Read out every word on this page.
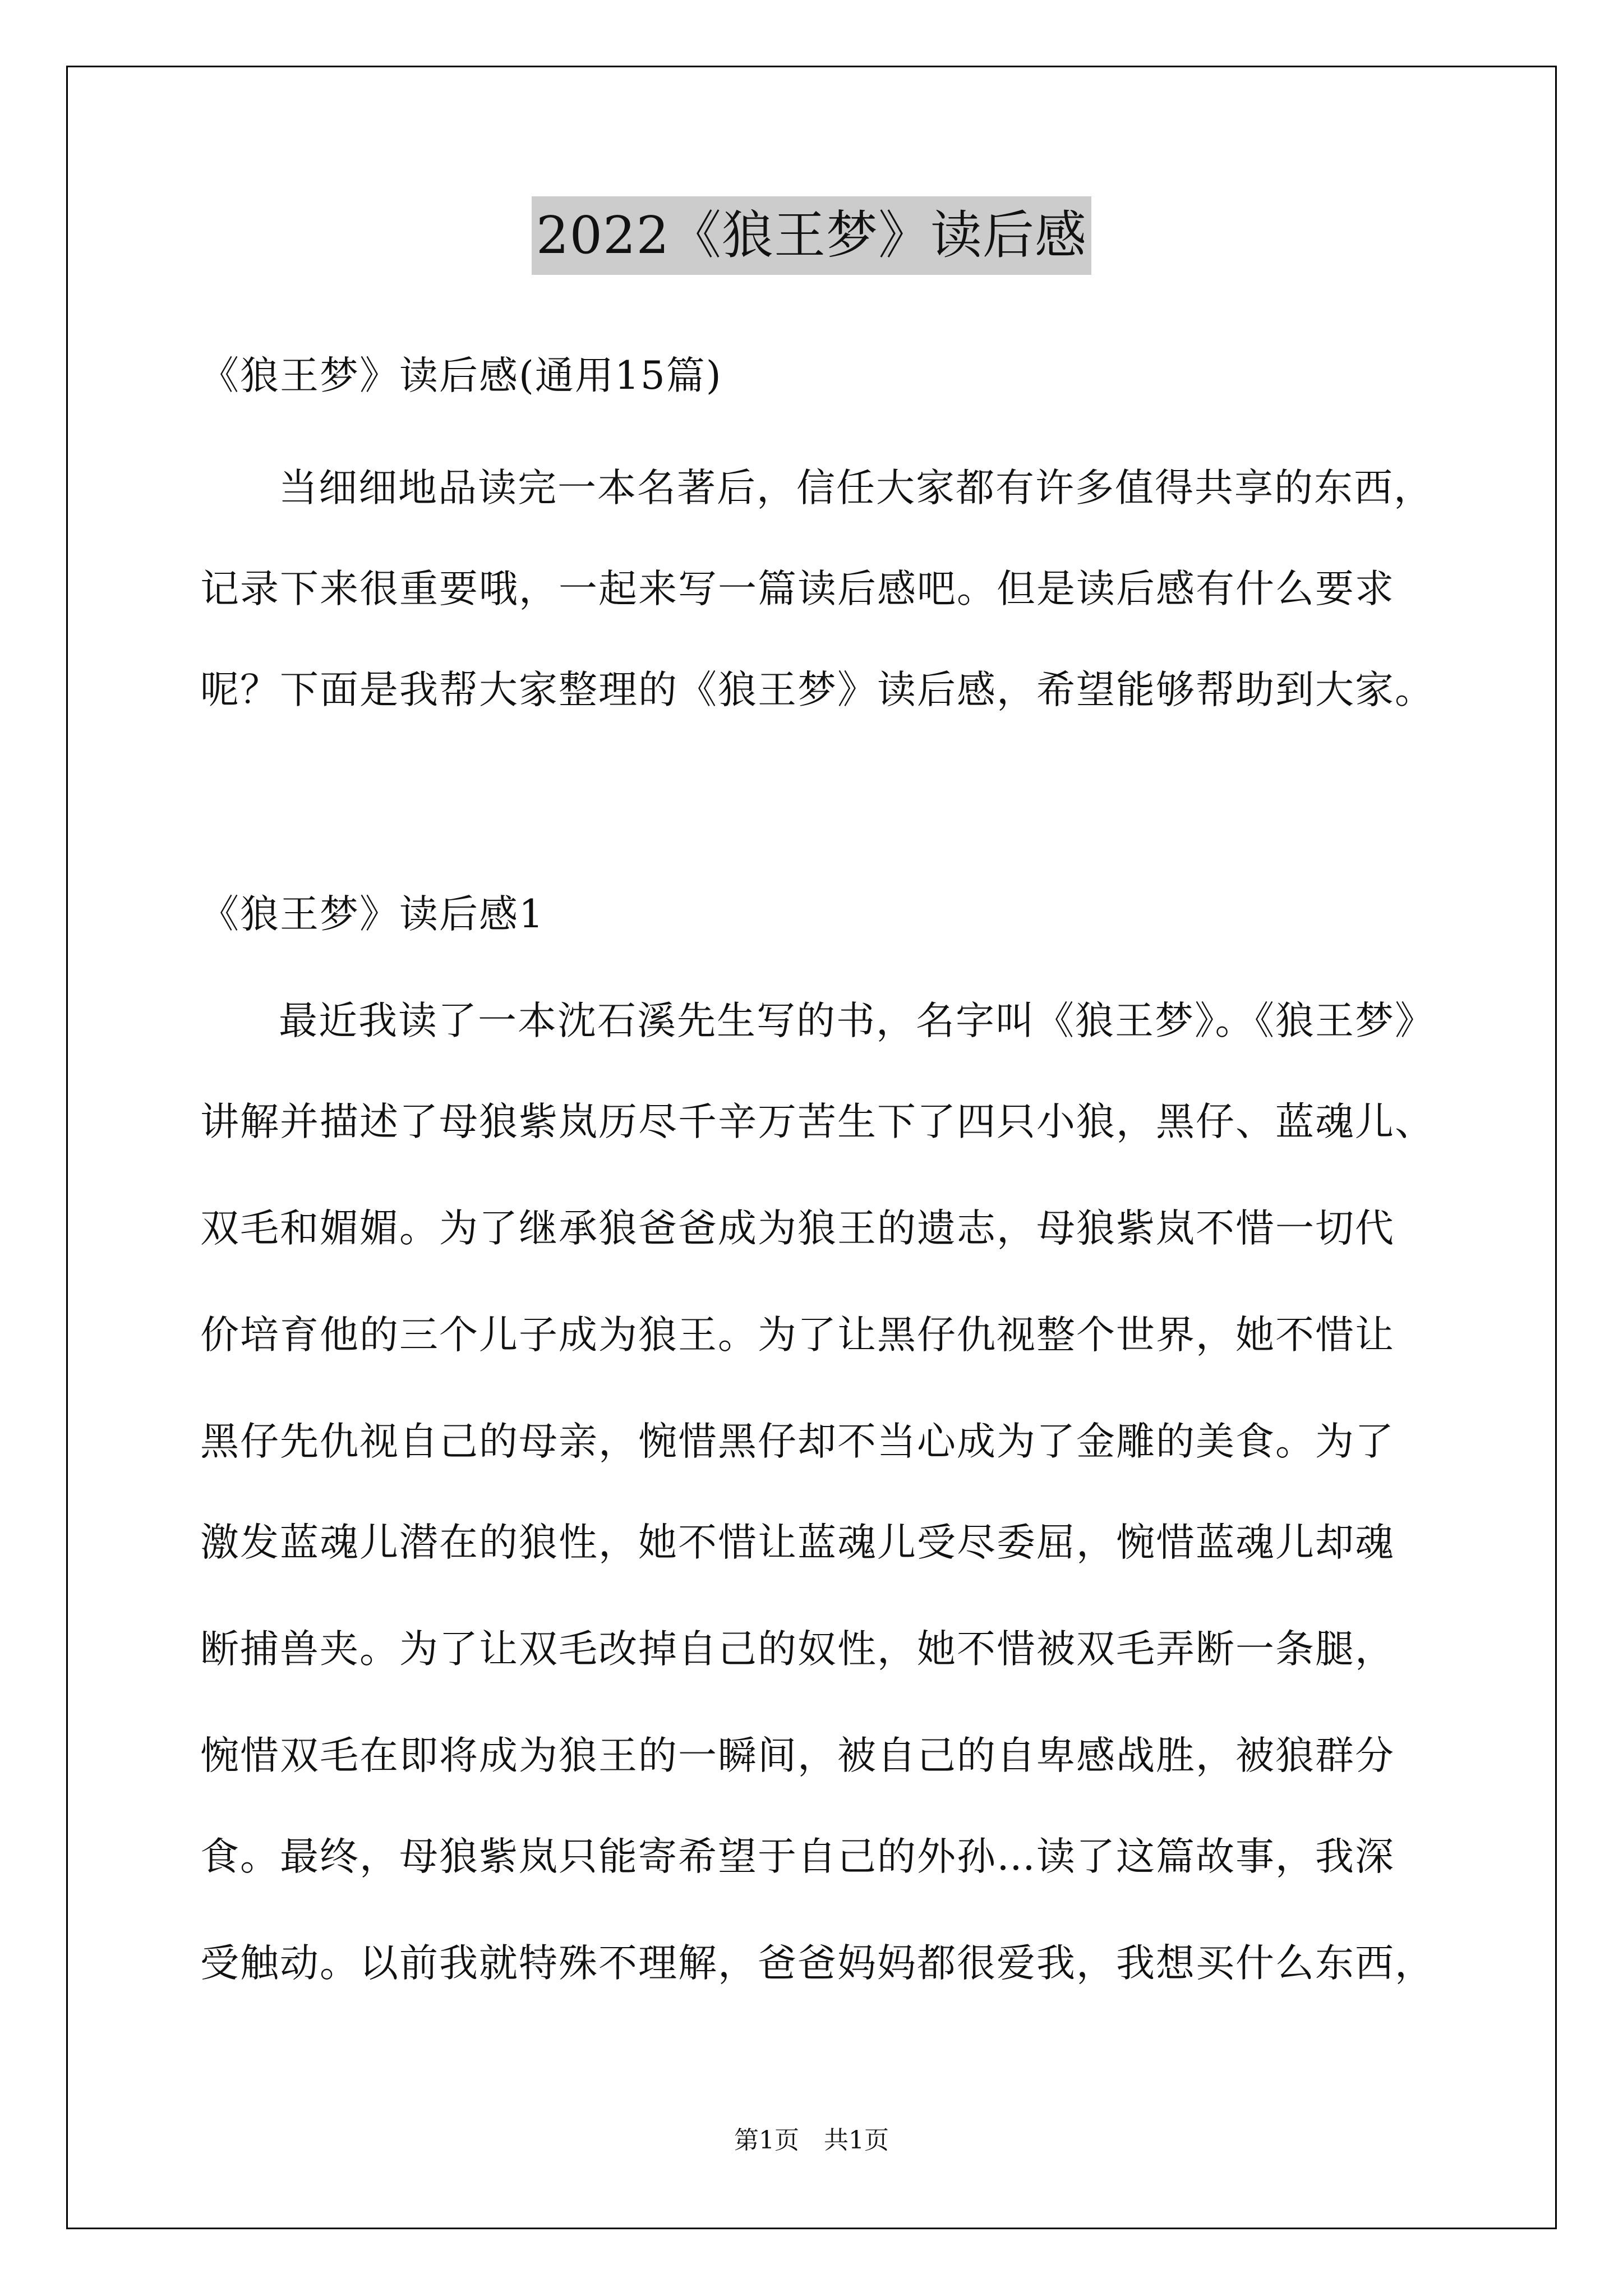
2022《狼王梦》读后感
《狼王梦》读后感(通用15篇)
当细细地品读完一本名著后，信任大家都有许多值得共享的东西，
记录下来很重要哦，一起来写一篇读后感吧。但是读后感有什么要求
呢？下面是我帮大家整理的《狼王梦》读后感，希望能够帮助到大家。
《狼王梦》读后感1
最近我读了一本沈石溪先生写的书，名字叫《狼王梦》。《狼王梦》
讲解并描述了母狼紫岚历尽千辛万苦生下了四只小狼，黑仔、蓝魂儿、
双毛和媚媚。为了继承狼爸爸成为狼王的遗志，母狼紫岚不惜一切代
价培育他的三个儿子成为狼王。为了让黑仔仇视整个世界，她不惜让
黑仔先仇视自己的母亲，惋惜黑仔却不当心成为了金雕的美食。为了
激发蓝魂儿潜在的狼性，她不惜让蓝魂儿受尽委屈，惋惜蓝魂儿却魂
断捕兽夹。为了让双毛改掉自己的奴性，她不惜被双毛弄断一条腿，
惋惜双毛在即将成为狼王的一瞬间，被自己的自卑感战胜，被狼群分
食。最终，母狼紫岚只能寄希望于自己的外孙…读了这篇故事，我深
受触动。以前我就特殊不理解，爸爸妈妈都很爱我，我想买什么东西，
第1页 共1页
